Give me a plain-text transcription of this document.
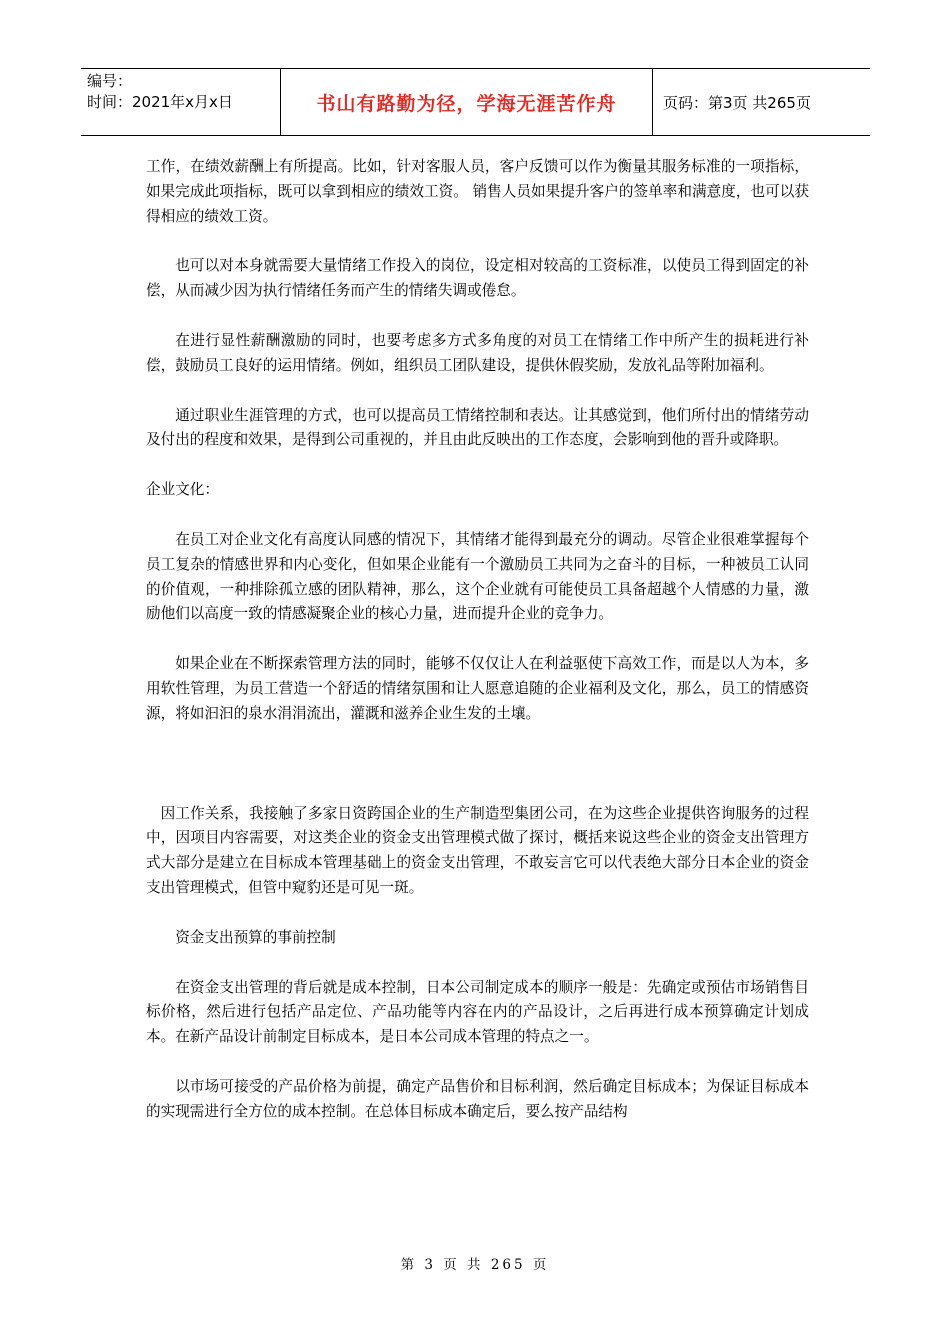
编号：
时间：2021年x月x日	书山有路勤为径，学海无涯苦作舟	页码：第3页 共265页

工作，在绩效薪酬上有所提高。比如，针对客服人员，客户反馈可以作为衡量其服务标准的一项指标，如果完成此项指标，既可以拿到相应的绩效工资。 销售人员如果提升客户的签单率和满意度，也可以获得相应的绩效工资。

也可以对本身就需要大量情绪工作投入的岗位，设定相对较高的工资标准，以使员工得到固定的补偿，从而减少因为执行情绪任务而产生的情绪失调或倦怠。

在进行显性薪酬激励的同时，也要考虑多方式多角度的对员工在情绪工作中所产生的损耗进行补偿，鼓励员工良好的运用情绪。例如，组织员工团队建设，提供休假奖励，发放礼品等附加福利。

通过职业生涯管理的方式，也可以提高员工情绪控制和表达。让其感觉到，他们所付出的情绪劳动及付出的程度和效果，是得到公司重视的，并且由此反映出的工作态度，会影响到他的晋升或降职。

企业文化：

在员工对企业文化有高度认同感的情况下，其情绪才能得到最充分的调动。尽管企业很难掌握每个员工复杂的情感世界和内心变化，但如果企业能有一个激励员工共同为之奋斗的目标，一种被员工认同的价值观，一种排除孤立感的团队精神，那么，这个企业就有可能使员工具备超越个人情感的力量，激励他们以高度一致的情感凝聚企业的核心力量，进而提升企业的竞争力。

如果企业在不断探索管理方法的同时，能够不仅仅让人在利益驱使下高效工作，而是以人为本，多用软性管理，为员工营造一个舒适的情绪氛围和让人愿意追随的企业福利及文化，那么，员工的情感资源，将如汩汩的泉水涓涓流出，灌溉和滋养企业生发的土壤。

因工作关系，我接触了多家日资跨国企业的生产制造型集团公司，在为这些企业提供咨询服务的过程中，因项目内容需要，对这类企业的资金支出管理模式做了探讨，概括来说这些企业的资金支出管理方式大部分是建立在目标成本管理基础上的资金支出管理，不敢妄言它可以代表绝大部分日本企业的资金支出管理模式，但管中窥豹还是可见一斑。

资金支出预算的事前控制

在资金支出管理的背后就是成本控制，日本公司制定成本的顺序一般是：先确定或预估市场销售目标价格，然后进行包括产品定位、产品功能等内容在内的产品设计，之后再进行成本预算确定计划成本。在新产品设计前制定目标成本，是日本公司成本管理的特点之一。

以市场可接受的产品价格为前提，确定产品售价和目标利润，然后确定目标成本；为保证目标成本的实现需进行全方位的成本控制。在总体目标成本确定后，要么按产品结构

第 3 页 共 265 页
